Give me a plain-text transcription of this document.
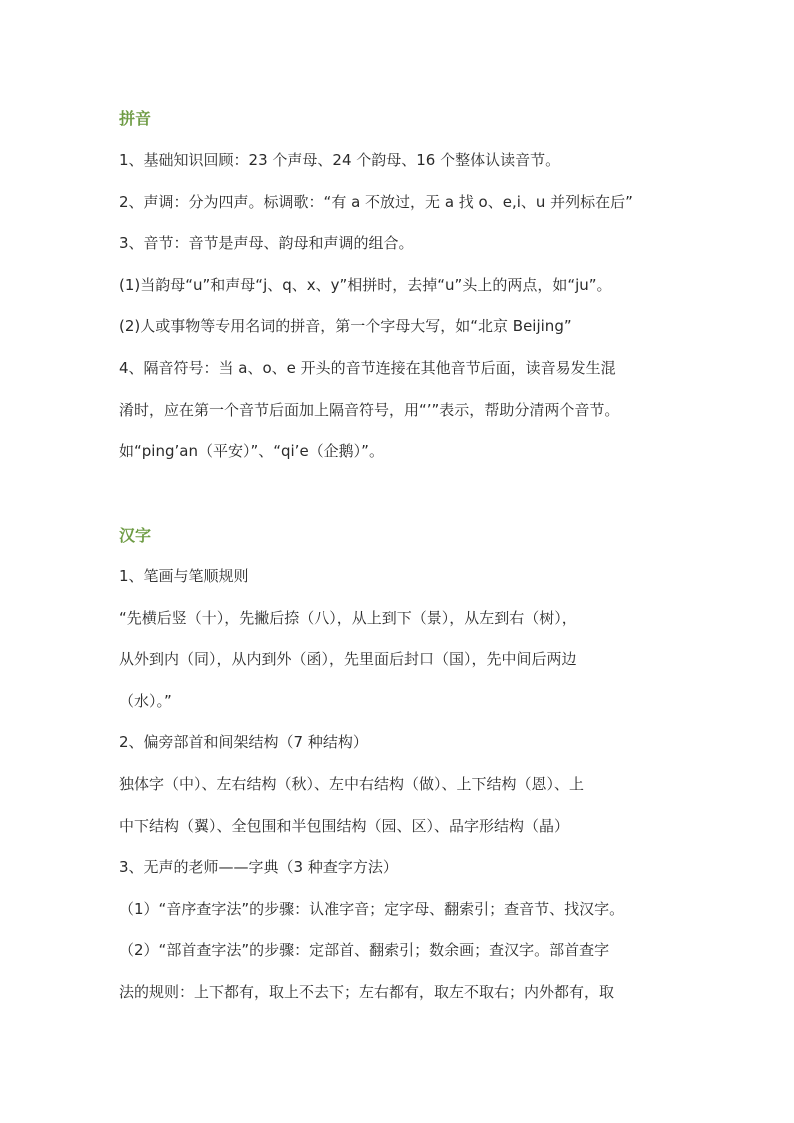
拼音
1、基础知识回顾：23 个声母、24 个韵母、16 个整体认读音节。
2、声调：分为四声。标调歌：“有 a 不放过，无 a 找 o、e,i、u 并列标在后”
3、音节：音节是声母、韵母和声调的组合。
(1)当韵母“u”和声母“j、q、x、y”相拼时，去掉“u”头上的两点，如“ju”。
(2)人或事物等专用名词的拼音，第一个字母大写，如“北京 Beijing”
4、隔音符号：当 a、o、e 开头的音节连接在其他音节后面，读音易发生混
淆时，应在第一个音节后面加上隔音符号，用“’”表示，帮助分清两个音节。
如“ping’an（平安）”、“qi’e（企鹅）”。
汉字
1、笔画与笔顺规则
“先横后竖（十），先撇后捺（八），从上到下（景），从左到右（树），
从外到内（同），从内到外（函），先里面后封口（国），先中间后两边
（水）。”
2、偏旁部首和间架结构（7 种结构）
独体字（中）、左右结构（秋）、左中右结构（做）、上下结构（恩）、上
中下结构（翼）、全包围和半包围结构（园、区）、品字形结构（晶）
3、无声的老师——字典（3 种查字方法）
（1）“音序查字法”的步骤：认准字音；定字母、翻索引；查音节、找汉字。
（2）“部首查字法”的步骤：定部首、翻索引；数余画；查汉字。部首查字
法的规则：上下都有，取上不去下；左右都有，取左不取右；内外都有，取
